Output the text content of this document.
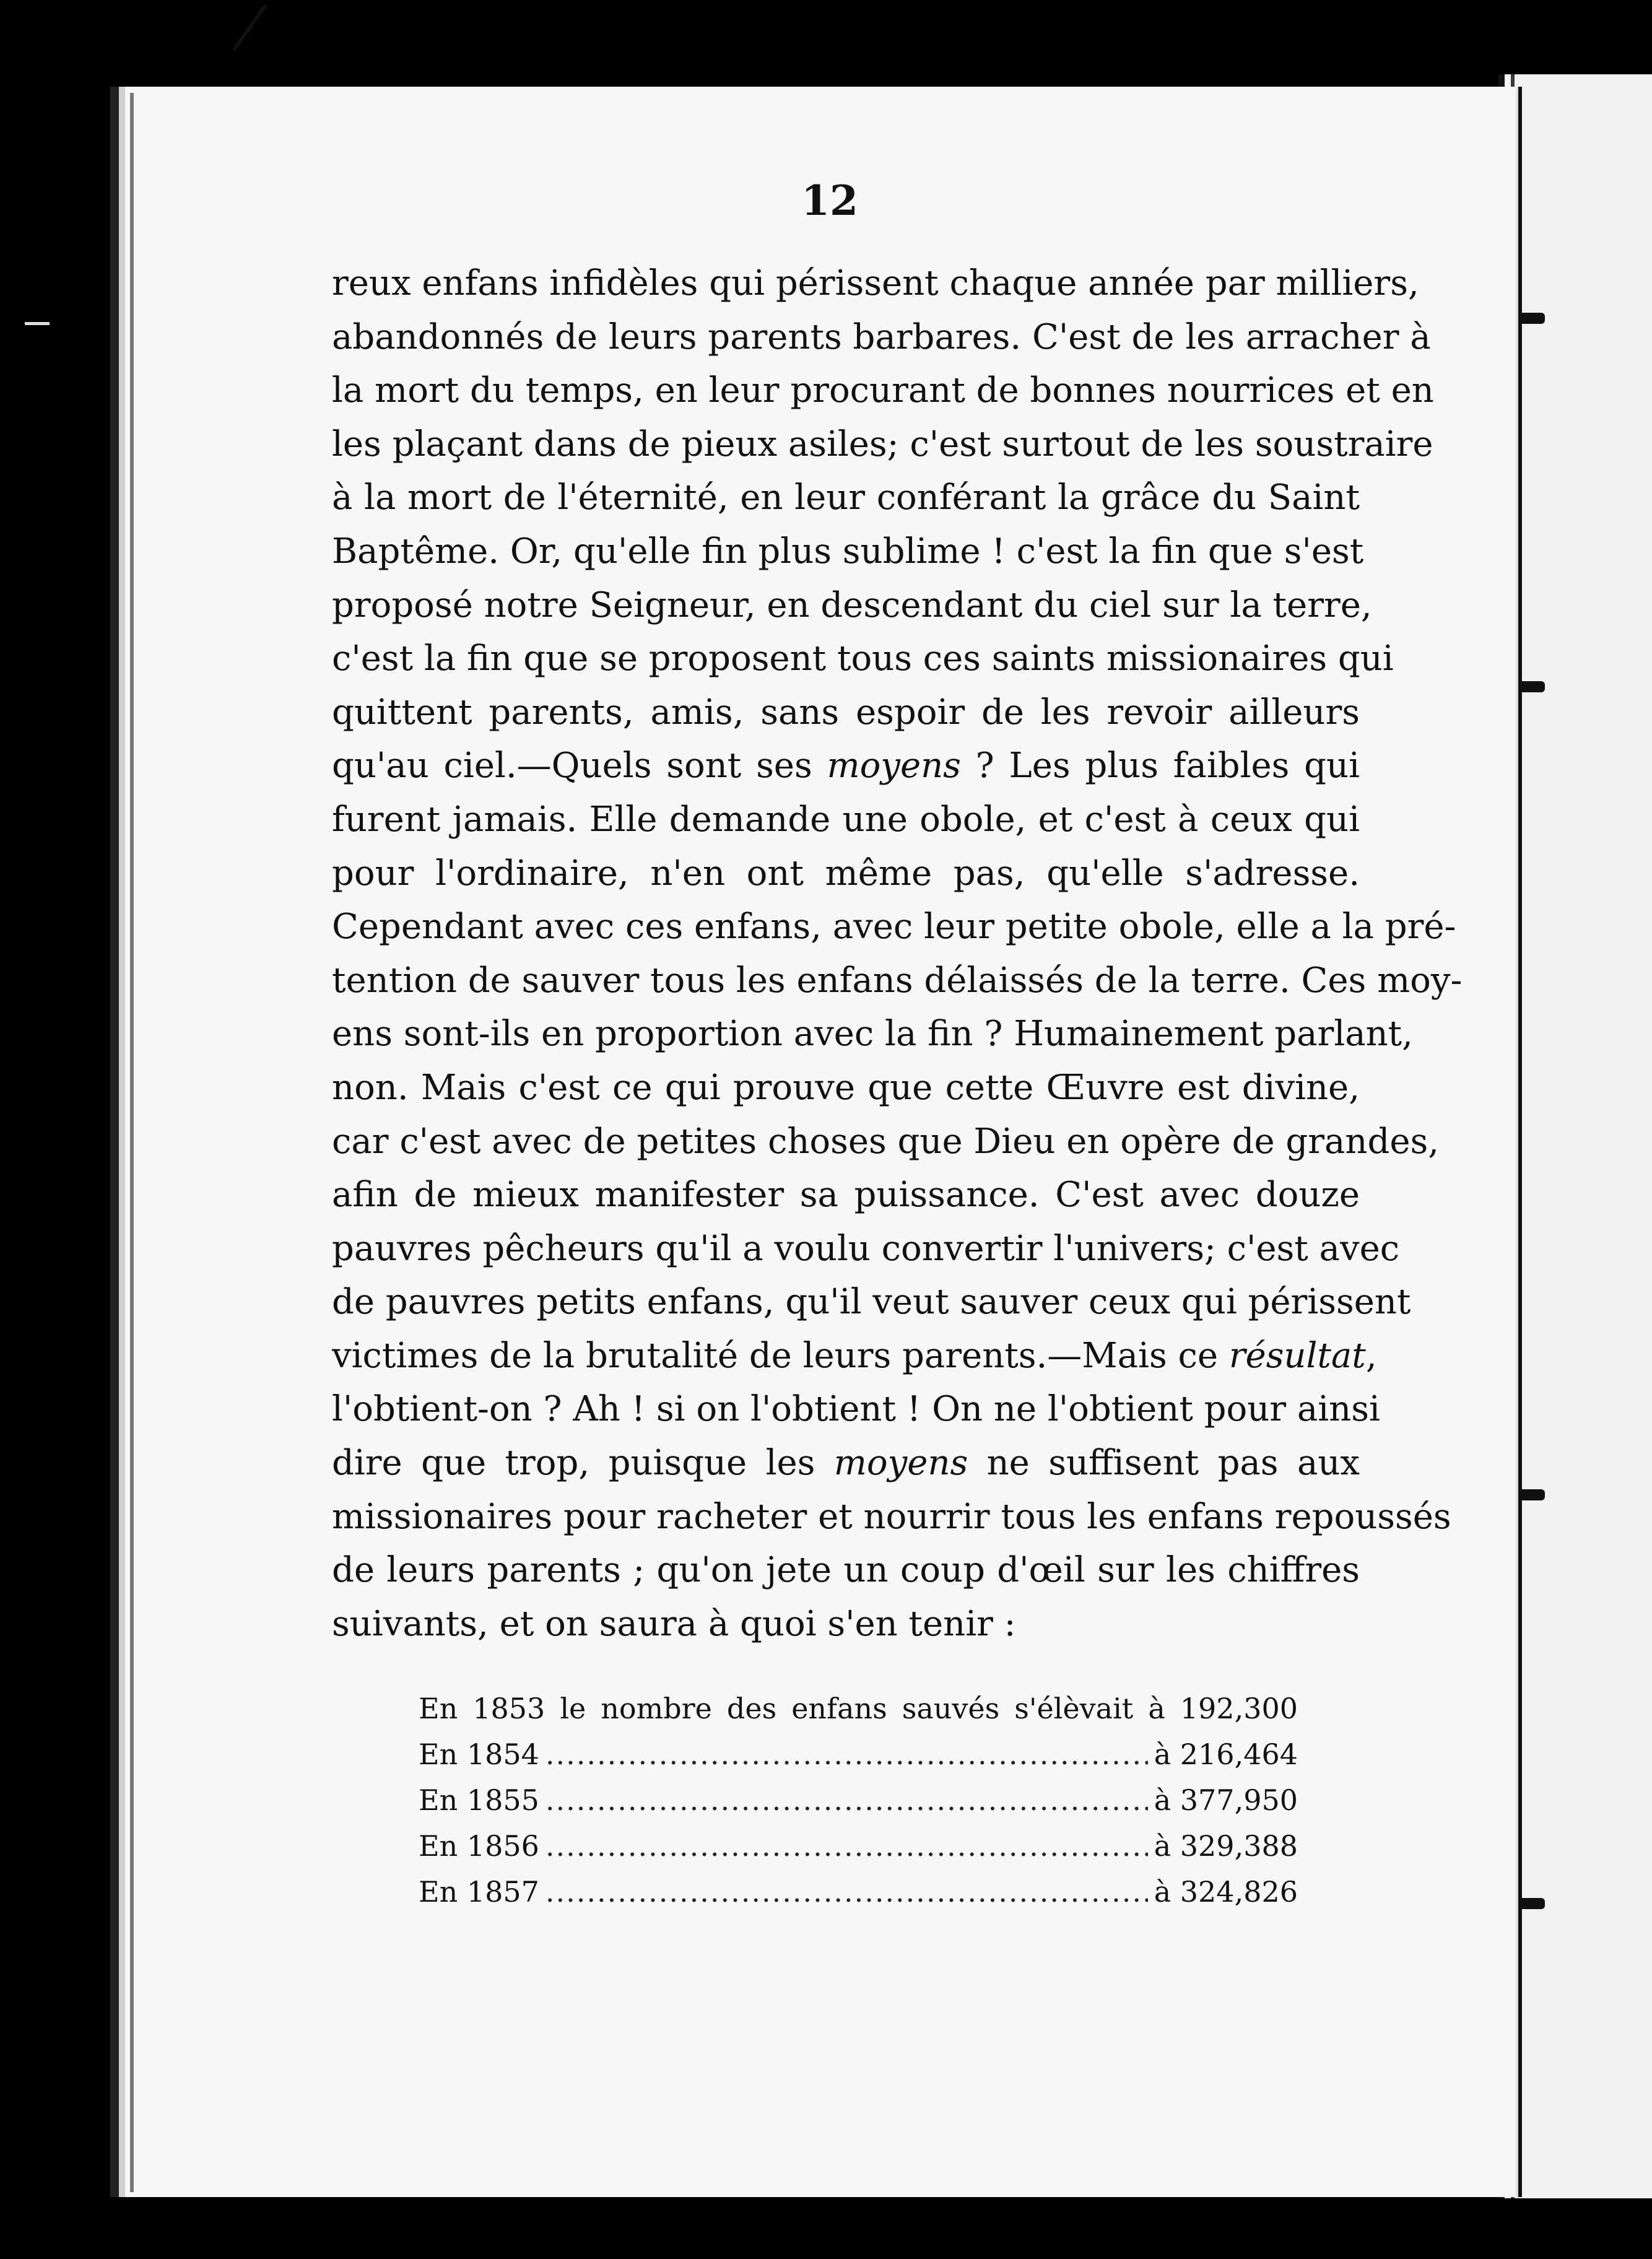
12

reux enfans infidèles qui périssent chaque année par milliers,
abandonnés de leurs parents barbares. C'est de les arracher à
la mort du temps, en leur procurant de bonnes nourrices et en
les plaçant dans de pieux asiles; c'est surtout de les soustraire
à la mort de l'éternité, en leur conférant la grâce du Saint
Baptême. Or, qu'elle fin plus sublime ! c'est la fin que s'est
proposé notre Seigneur, en descendant du ciel sur la terre,
c'est la fin que se proposent tous ces saints missionaires qui
quittent parents, amis, sans espoir de les revoir ailleurs
qu'au ciel.—Quels sont ses moyens ? Les plus faibles qui
furent jamais. Elle demande une obole, et c'est à ceux qui
pour l'ordinaire, n'en ont même pas, qu'elle s'adresse.
Cependant avec ces enfans, avec leur petite obole, elle a la pré-
tention de sauver tous les enfans délaissés de la terre. Ces moy-
ens sont-ils en proportion avec la fin ? Humainement parlant,
non. Mais c'est ce qui prouve que cette Œuvre est divine,
car c'est avec de petites choses que Dieu en opère de grandes,
afin de mieux manifester sa puissance. C'est avec douze
pauvres pêcheurs qu'il a voulu convertir l'univers; c'est avec
de pauvres petits enfans, qu'il veut sauver ceux qui périssent
victimes de la brutalité de leurs parents.—Mais ce résultat
l'obtient-on ? Ah ! si on l'obtient ! On ne l'obtient pour ainsi
dire que trop, puisque les moyens ne suffisent pas aux
missionaires pour racheter et nourrir tous les enfans repoussés
de leurs parents ; qu'on jete un coup d'œil sur les chiffres
suivants, et on saura à quoi s'en tenir :
En 1853 le nombre des enfans sauvés s'élèvait à 192,300
En 1854 .....	à 216,464
En 1855 .....	à 377,950
En 1856 .....	à 329,388
En 1857 .....	à 324,826
